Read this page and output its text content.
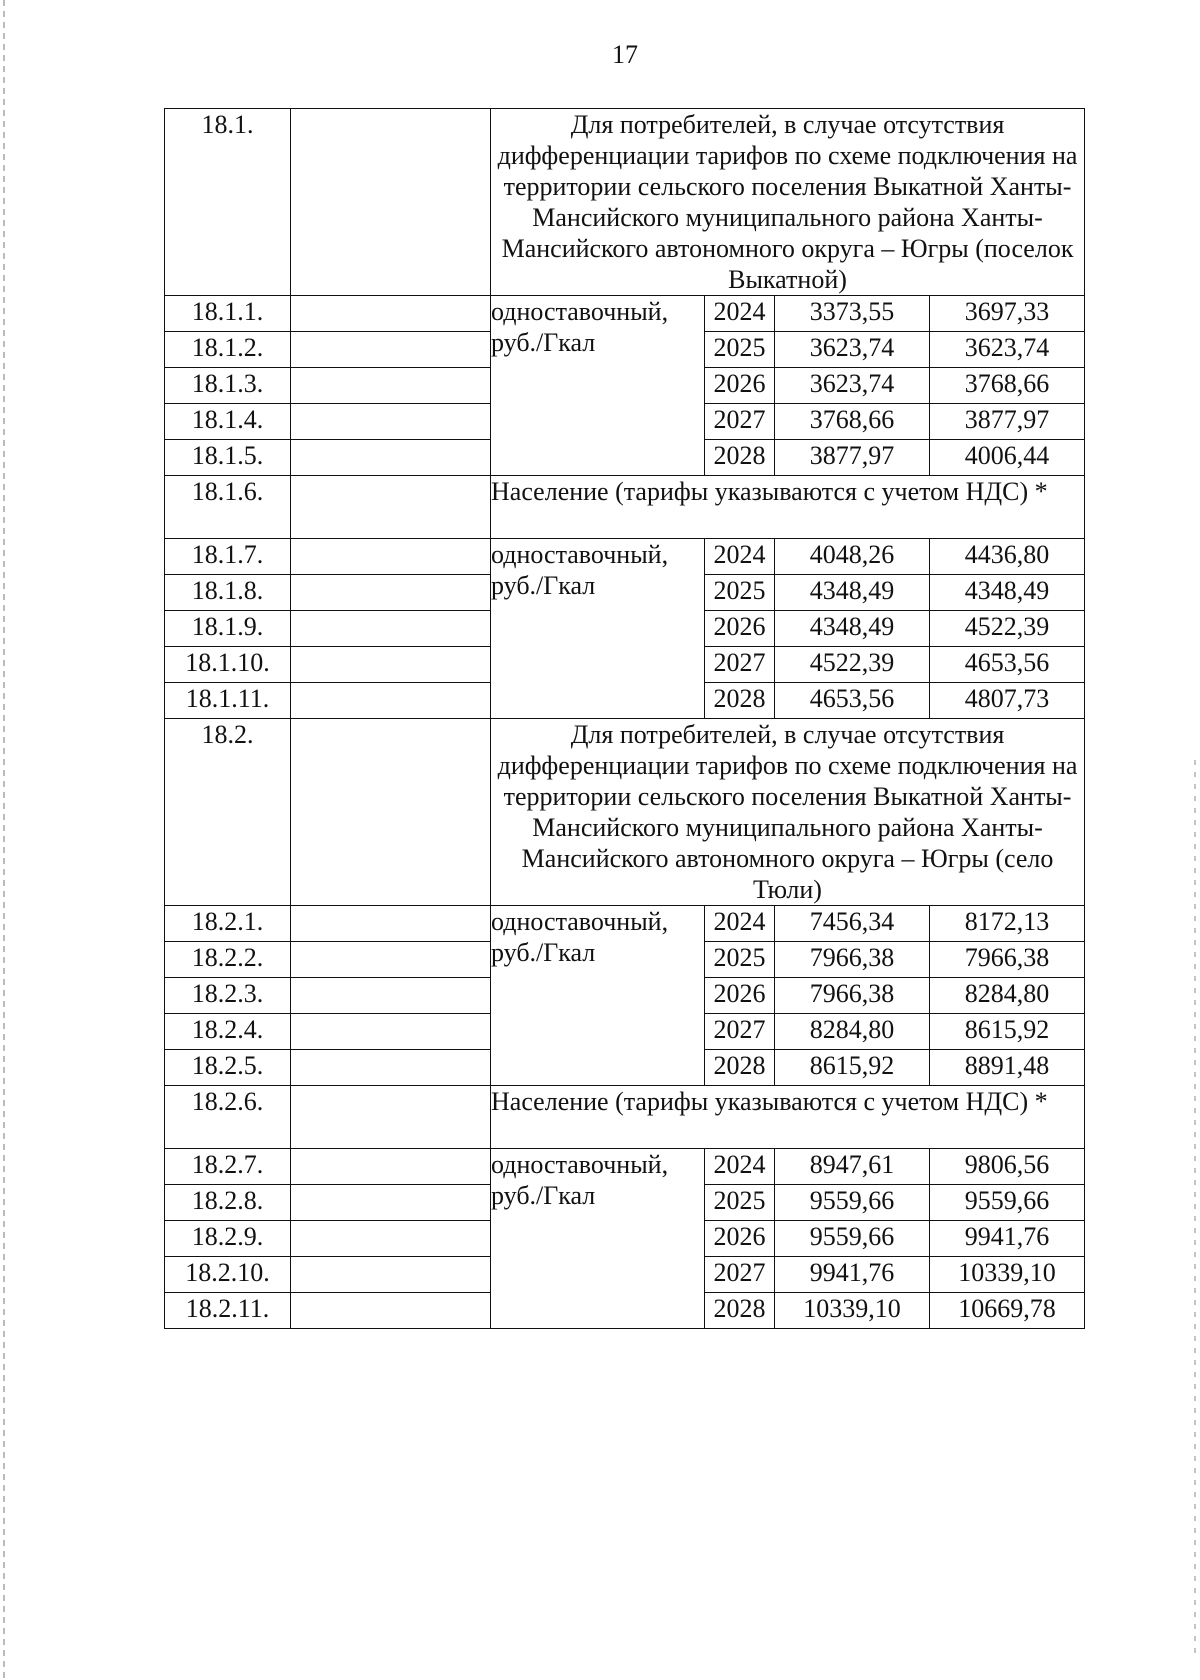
17
18.1.		Для потребителей, в случае отсутствия дифференциации тарифов по схеме подключения на территории сельского поселения Выкатной Ханты-Мансийского муниципального района Ханты-Мансийского автономного округа – Югры (поселок Выкатной)			
18.1.1.		одноставочный, руб./Гкал	2024	3373,55	3697,33
18.1.2.			2025	3623,74	3623,74
18.1.3.			2026	3623,74	3768,66
18.1.4.			2027	3768,66	3877,97
18.1.5.			2028	3877,97	4006,44
18.1.6.		Население (тарифы указываются с учетом НДС) *			
18.1.7.		одноставочный, руб./Гкал	2024	4048,26	4436,80
18.1.8.			2025	4348,49	4348,49
18.1.9.			2026	4348,49	4522,39
18.1.10.			2027	4522,39	4653,56
18.1.11.			2028	4653,56	4807,73
18.2.		Для потребителей, в случае отсутствия дифференциации тарифов по схеме подключения на территории сельского поселения Выкатной Ханты-Мансийского муниципального района Ханты-Мансийского автономного округа – Югры (село Тюли)			
18.2.1.		одноставочный, руб./Гкал	2024	7456,34	8172,13
18.2.2.			2025	7966,38	7966,38
18.2.3.			2026	7966,38	8284,80
18.2.4.			2027	8284,80	8615,92
18.2.5.			2028	8615,92	8891,48
18.2.6.		Население (тарифы указываются с учетом НДС) *			
18.2.7.		одноставочный, руб./Гкал	2024	8947,61	9806,56
18.2.8.			2025	9559,66	9559,66
18.2.9.			2026	9559,66	9941,76
18.2.10.			2027	9941,76	10339,10
18.2.11.			2028	10339,10	10669,78
